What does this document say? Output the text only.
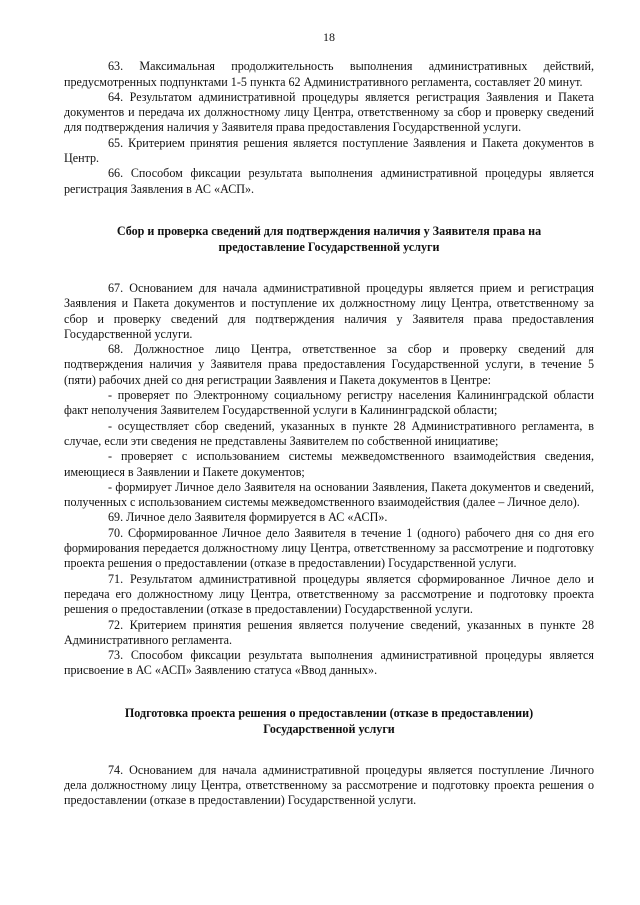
18

63. Максимальная продолжительность выполнения административных действий, предусмотренных подпунктами 1-5 пункта 62 Административного регламента, составляет 20 минут.

64. Результатом административной процедуры является регистрация Заявления и Пакета документов и передача их должностному лицу Центра, ответственному за сбор и проверку сведений для подтверждения наличия у Заявителя права предоставления Государственной услуги.

65. Критерием принятия решения является поступление Заявления и Пакета документов в Центр.

66. Способом фиксации результата выполнения административной процедуры является регистрация Заявления в АС «АСП».

Сбор и проверка сведений для подтверждения наличия у Заявителя права на предоставление Государственной услуги

67. Основанием для начала административной процедуры является прием и регистрация Заявления и Пакета документов и поступление их должностному лицу Центра, ответственному за сбор и проверку сведений для подтверждения наличия у Заявителя права предоставления Государственной услуги.

68. Должностное лицо Центра, ответственное за сбор и проверку сведений для подтверждения наличия у Заявителя права предоставления Государственной услуги, в течение 5 (пяти) рабочих дней со дня регистрации Заявления и Пакета документов в Центре:

- проверяет по Электронному социальному регистру населения Калининградской области факт неполучения Заявителем Государственной услуги в Калининградской области;

- осуществляет сбор сведений, указанных в пункте 28 Административного регламента, в случае, если эти сведения не представлены Заявителем по собственной инициативе;

- проверяет с использованием системы межведомственного взаимодействия сведения, имеющиеся в Заявлении и Пакете документов;

- формирует Личное дело Заявителя на основании Заявления, Пакета документов и сведений, полученных с использованием системы межведомственного взаимодействия (далее – Личное дело).

69. Личное дело Заявителя формируется в АС «АСП».

70. Сформированное Личное дело Заявителя в течение 1 (одного) рабочего дня со дня его формирования передается должностному лицу Центра, ответственному за рассмотрение и подготовку проекта решения о предоставлении (отказе в предоставлении) Государственной услуги.

71. Результатом административной процедуры является сформированное Личное дело и передача его должностному лицу Центра, ответственному за рассмотрение и подготовку проекта решения о предоставлении (отказе в предоставлении) Государственной услуги.

72. Критерием принятия решения является получение сведений, указанных в пункте 28 Административного регламента.

73. Способом фиксации результата выполнения административной процедуры является присвоение в АС «АСП» Заявлению статуса «Ввод данных».

Подготовка проекта решения о предоставлении (отказе в предоставлении) Государственной услуги

74. Основанием для начала административной процедуры является поступление Личного дела должностному лицу Центра, ответственному за рассмотрение и подготовку проекта решения о предоставлении (отказе в предоставлении) Государственной услуги.
